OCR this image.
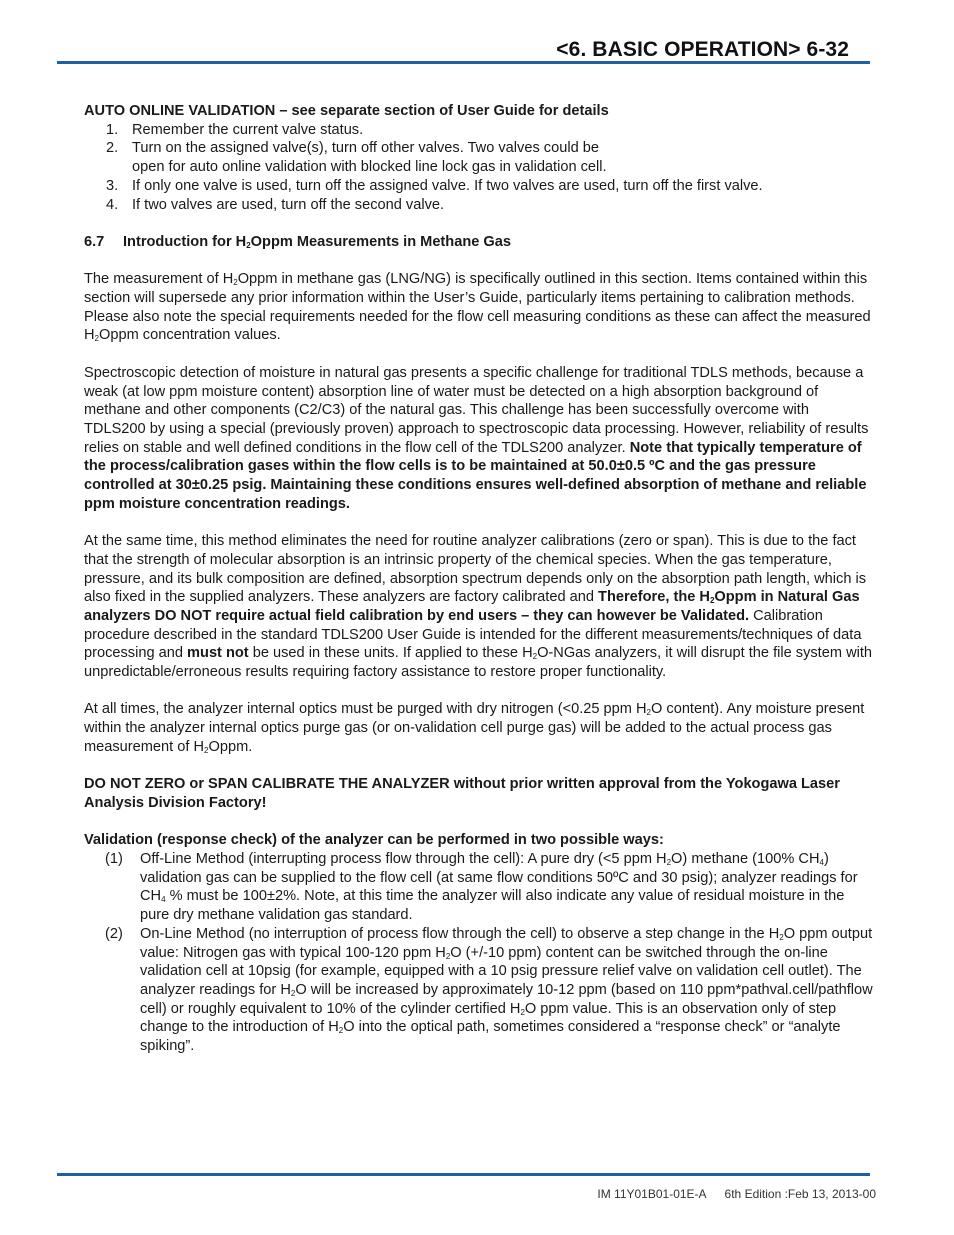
<6. BASIC OPERATION> 6-32

AUTO ONLINE VALIDATION – see separate section of User Guide for details

1. Remember the current valve status.
2. Turn on the assigned valve(s), turn off other valves. Two valves could be
open for auto online validation with blocked line lock gas in validation cell.
3. If only one valve is used, turn off the assigned valve. If two valves are used, turn off the first valve.
4. If two valves are used, turn off the second valve.

6.7 Introduction for $H_2Oppm$ Measurements in Methane Gas

The measurement of $H_2Oppm$ in methane gas (LNG/NG) is specifically outlined in this section. Items contained within this section will supersede any prior information within the User’s Guide, particularly items pertaining to calibration methods. Please also note the special requirements needed for the flow cell measuring conditions as these can affect the measured $H_2Oppm$ concentration values.

Spectroscopic detection of moisture in natural gas presents a specific challenge for traditional TDLS methods, because a weak (at low ppm moisture content) absorption line of water must be detected on a high absorption background of methane and other components (C2/C3) of the natural gas. This challenge has been successfully overcome with TDLS200 by using a special (previously proven) approach to spectroscopic data processing. However, reliability of results relies on stable and well defined conditions in the flow cell of the TDLS200 analyzer. Note that typically temperature of the process/calibration gases within the flow cells is to be maintained at 50.0±0.5 ºC and the gas pressure controlled at 30±0.25 psig. Maintaining these conditions ensures well-defined absorption of methane and reliable ppm moisture concentration readings.

At the same time, this method eliminates the need for routine analyzer calibrations (zero or span). This is due to the fact that the strength of molecular absorption is an intrinsic property of the chemical species. When the gas temperature, pressure, and its bulk composition are defined, absorption spectrum depends only on the absorption path length, which is also fixed in the supplied analyzers. These analyzers are factory calibrated and Therefore, the $H_2Oppm$ in Natural Gas analyzers DO NOT require actual field calibration by end users – they can however be Validated. Calibration procedure described in the standard TDLS200 User Guide is intended for the different measurements/techniques of data processing and must not be used in these units. If applied to these $H_2O$-NGas analyzers, it will disrupt the file system with unpredictable/erroneous results requiring factory assistance to restore proper functionality.

At all times, the analyzer internal optics must be purged with dry nitrogen (<0.25 ppm $H_2O$ content). Any moisture present within the analyzer internal optics purge gas (or on-validation cell purge gas) will be added to the actual process gas measurement of $H_2Oppm$.

DO NOT ZERO or SPAN CALIBRATE THE ANALYZER without prior written approval from the Yokogawa Laser Analysis Division Factory!

Validation (response check) of the analyzer can be performed in two possible ways:

(1) Off-Line Method (interrupting process flow through the cell): A pure dry (<5 ppm $H_2O$) methane (100% $CH_4$) validation gas can be supplied to the flow cell (at same flow conditions 50ºC and 30 psig); analyzer readings for $CH_4$ % must be 100±2%. Note, at this time the analyzer will also indicate any value of residual moisture in the pure dry methane validation gas standard.
(2) On-Line Method (no interruption of process flow through the cell) to observe a step change in the $H_2O$ ppm output value: Nitrogen gas with typical 100-120 ppm $H_2O$ (+/-10 ppm) content can be switched through the on-line validation cell at 10psig (for example, equipped with a 10 psig pressure relief valve on validation cell outlet). The analyzer readings for $H_2O$ will be increased by approximately 10-12 ppm (based on 110 ppm*pathval.cell/pathflow cell) or roughly equivalent to 10% of the cylinder certified $H_2O$ ppm value. This is an observation only of step change to the introduction of $H_2O$ into the optical path, sometimes considered a “response check” or “analyte spiking”.
IM 11Y01B01-01E-A 6th Edition :Feb 13, 2013-00
